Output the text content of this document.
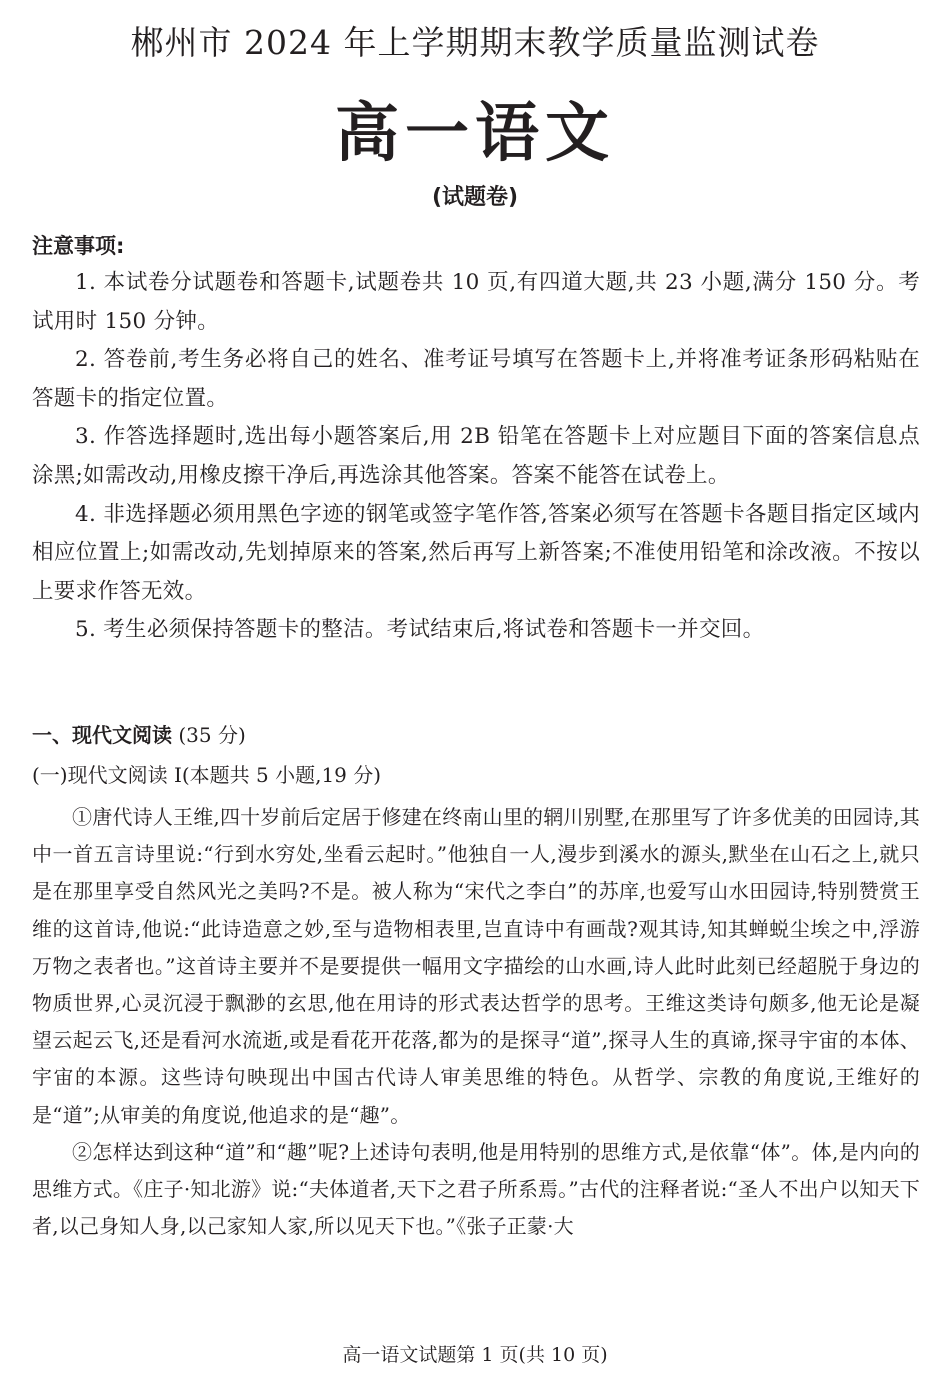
郴州市 2024 年上学期期末教学质量监测试卷
高一语文
(试题卷)
注意事项:

1. 本试卷分试题卷和答题卡,试题卷共 10 页,有四道大题,共 23 小题,满分 150 分。考试用时 150 分钟。

2. 答卷前,考生务必将自己的姓名、准考证号填写在答题卡上,并将准考证条形码粘贴在答题卡的指定位置。

3. 作答选择题时,选出每小题答案后,用 2B 铅笔在答题卡上对应题目下面的答案信息点涂黑;如需改动,用橡皮擦干净后,再选涂其他答案。答案不能答在试卷上。

4. 非选择题必须用黑色字迹的钢笔或签字笔作答,答案必须写在答题卡各题目指定区域内相应位置上;如需改动,先划掉原来的答案,然后再写上新答案;不准使用铅笔和涂改液。不按以上要求作答无效。

5. 考生必须保持答题卡的整洁。考试结束后,将试卷和答题卡一并交回。

一、现代文阅读 (35 分)
(一)现代文阅读 I(本题共 5 小题,19 分)

①唐代诗人王维,四十岁前后定居于修建在终南山里的辋川别墅,在那里写了许多优美的田园诗,其中一首五言诗里说:“行到水穷处,坐看云起时。”他独自一人,漫步到溪水的源头,默坐在山石之上,就只是在那里享受自然风光之美吗?不是。被人称为“宋代之李白”的苏庠,也爱写山水田园诗,特别赞赏王维的这首诗,他说:“此诗造意之妙,至与造物相表里,岂直诗中有画哉?观其诗,知其蝉蜕尘埃之中,浮游万物之表者也。”这首诗主要并不是要提供一幅用文字描绘的山水画,诗人此时此刻已经超脱于身边的物质世界,心灵沉浸于飘渺的玄思,他在用诗的形式表达哲学的思考。王维这类诗句颇多,他无论是凝望云起云飞,还是看河水流逝,或是看花开花落,都为的是探寻“道”,探寻人生的真谛,探寻宇宙的本体、宇宙的本源。这些诗句映现出中国古代诗人审美思维的特色。从哲学、宗教的角度说,王维好的是“道”;从审美的角度说,他追求的是“趣”。

②怎样达到这种“道”和“趣”呢?上述诗句表明,他是用特别的思维方式,是依靠“体”。体,是内向的思维方式。《庄子·知北游》说:“夫体道者,天下之君子所系焉。”古代的注释者说:“圣人不出户以知天下者,以己身知人身,以己家知人家,所以见天下也。”《张子正蒙·大

高一语文试题第 1 页(共 10 页)
